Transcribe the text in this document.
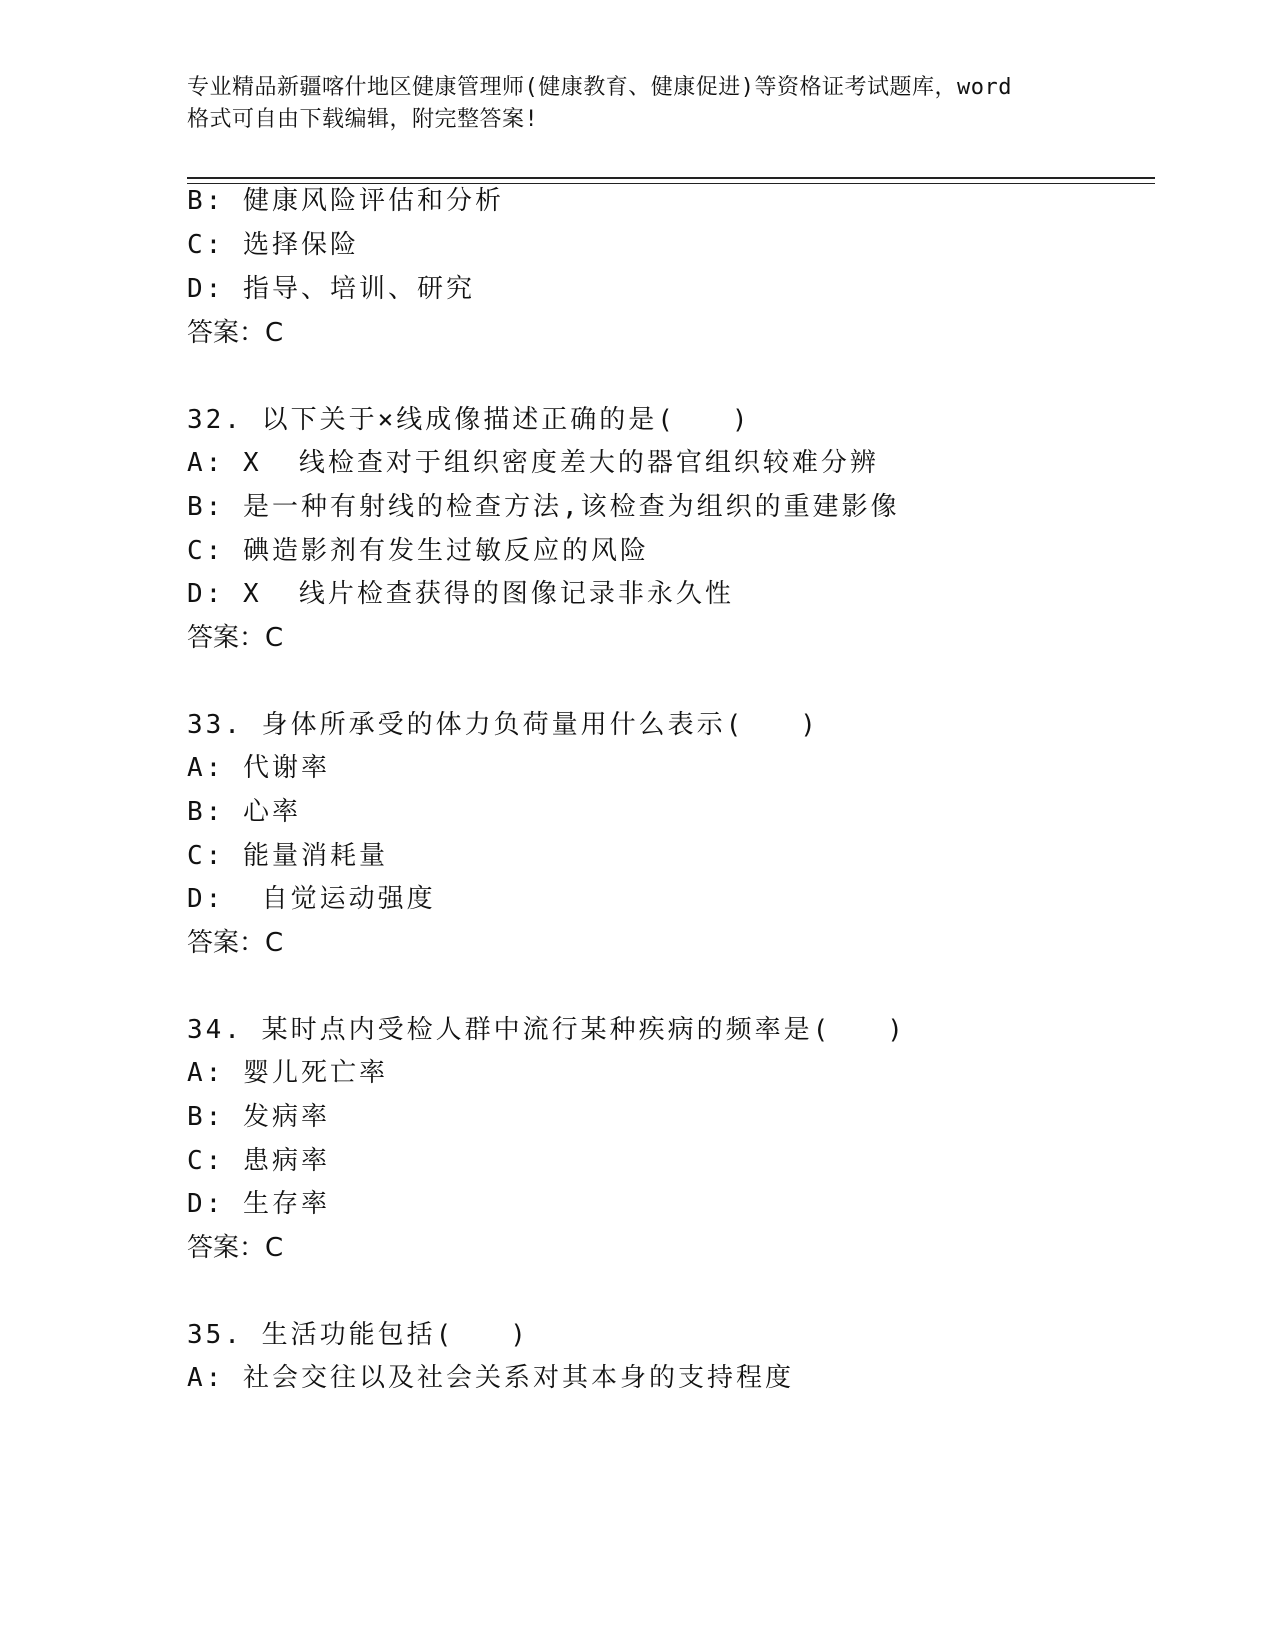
专业精品新疆喀什地区健康管理师(健康教育、健康促进)等资格证考试题库，word
格式可自由下载编辑，附完整答案!
B: 健康风险评估和分析
C: 选择保险
D: 指导、培训、研究
答案：C
32. 以下关于×线成像描述正确的是(   )
A: X  线检查对于组织密度差大的器官组织较难分辨
B: 是一种有射线的检查方法,该检查为组织的重建影像
C: 碘造影剂有发生过敏反应的风险
D: X  线片检查获得的图像记录非永久性
答案：C
33. 身体所承受的体力负荷量用什么表示(   )
A: 代谢率
B: 心率
C: 能量消耗量
D:  自觉运动强度
答案：C
34. 某时点内受检人群中流行某种疾病的频率是(   )
A: 婴儿死亡率
B: 发病率
C: 患病率
D: 生存率
答案：C
35. 生活功能包括(   )
A: 社会交往以及社会关系对其本身的支持程度
